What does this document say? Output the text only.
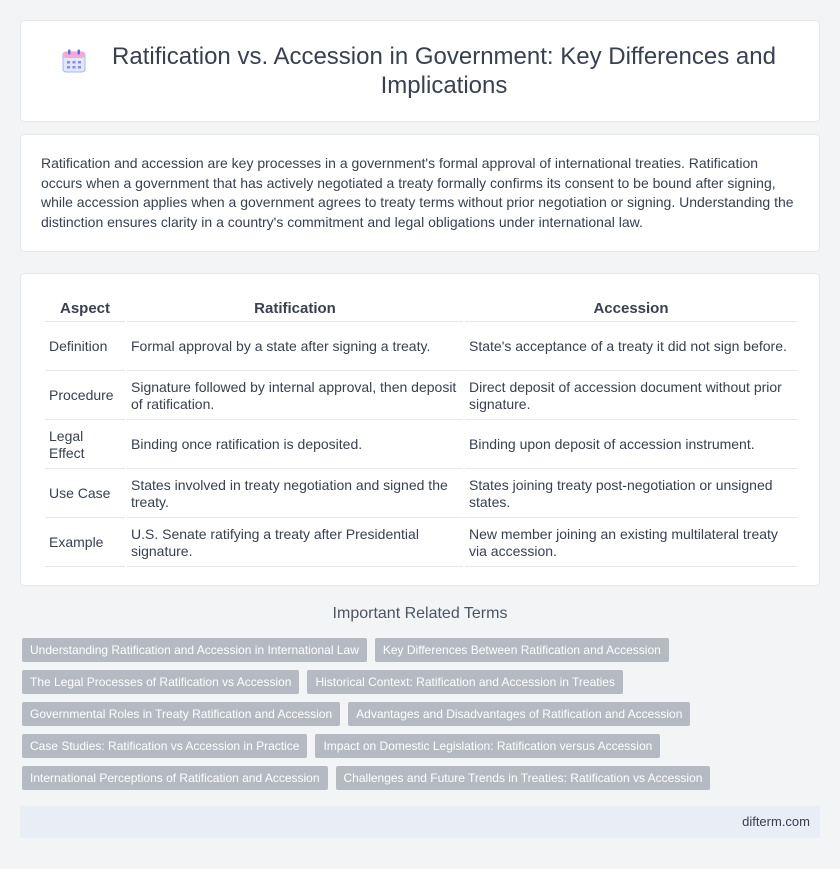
Ratification vs. Accession in Government: Key Differences and Implications

Ratification and accession are key processes in a government's formal approval of international treaties. Ratification occurs when a government that has actively negotiated a treaty formally confirms its consent to be bound after signing, while accession applies when a government agrees to treaty terms without prior negotiation or signing. Understanding the distinction ensures clarity in a country's commitment and legal obligations under international law.

Aspect	Ratification	Accession
Definition	Formal approval by a state after signing a treaty.	State's acceptance of a treaty it did not sign before.
Procedure	Signature followed by internal approval, then deposit of ratification.	Direct deposit of accession document without prior signature.
Legal Effect	Binding once ratification is deposited.	Binding upon deposit of accession instrument.
Use Case	States involved in treaty negotiation and signed the treaty.	States joining treaty post-negotiation or unsigned states.
Example	U.S. Senate ratifying a treaty after Presidential signature.	New member joining an existing multilateral treaty via accession.
Important Related Terms
Understanding Ratification and Accession in International Law	Key Differences Between Ratification and Accession
The Legal Processes of Ratification vs Accession	Historical Context: Ratification and Accession in Treaties
Governmental Roles in Treaty Ratification and Accession	Advantages and Disadvantages of Ratification and Accession
Case Studies: Ratification vs Accession in Practice	Impact on Domestic Legislation: Ratification versus Accession
International Perceptions of Ratification and Accession	Challenges and Future Trends in Treaties: Ratification vs Accession
difterm.com
